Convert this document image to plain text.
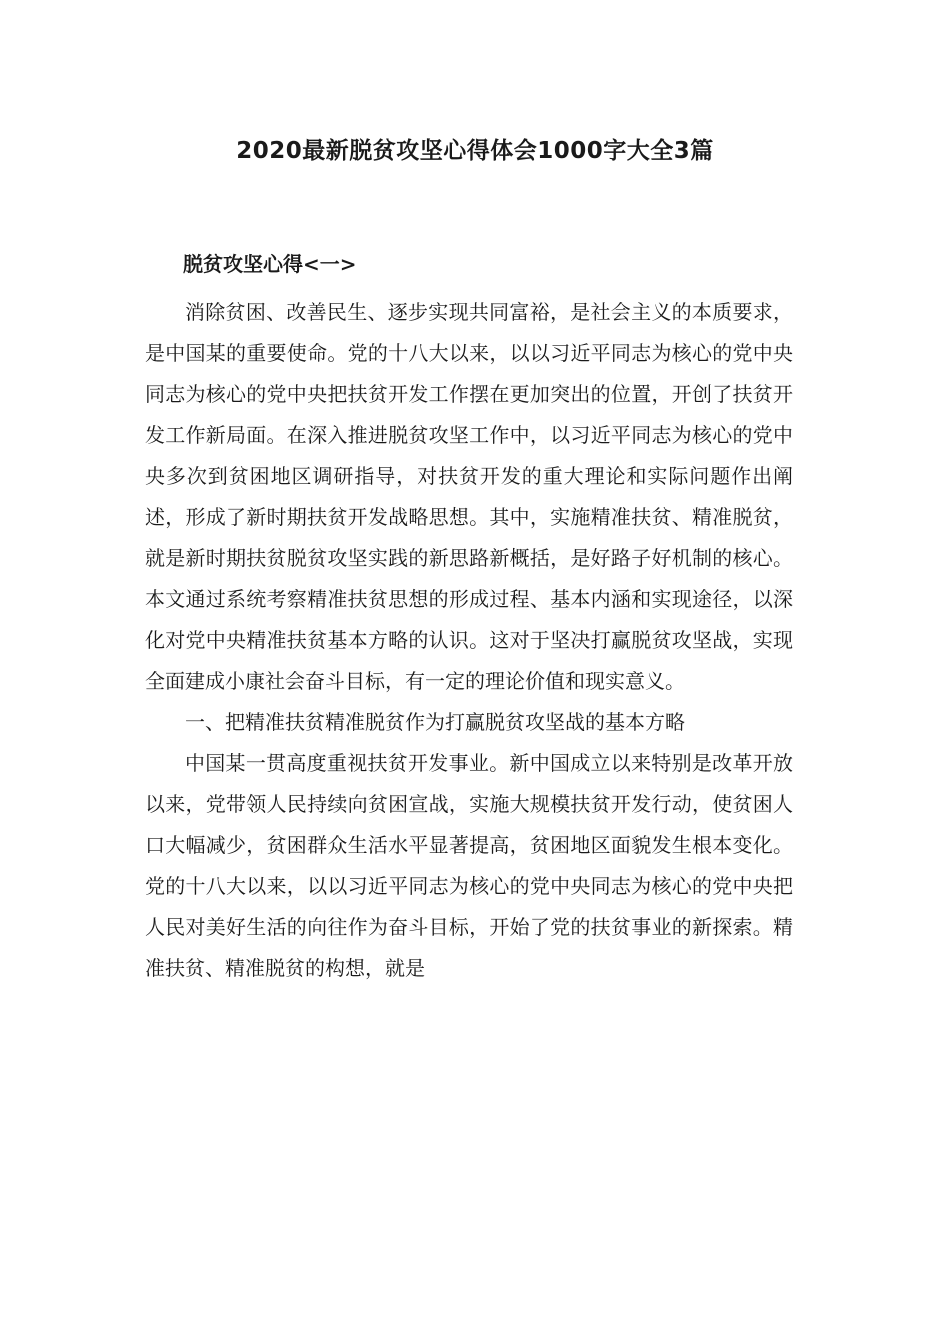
2020最新脱贫攻坚心得体会1000字大全3篇
脱贫攻坚心得<一>

消除贫困、改善民生、逐步实现共同富裕，是社会主义的本质要求，是中国某的重要使命。党的十八大以来，以以习近平同志为核心的党中央同志为核心的党中央把扶贫开发工作摆在更加突出的位置，开创了扶贫开发工作新局面。在深入推进脱贫攻坚工作中，以习近平同志为核心的党中央多次到贫困地区调研指导，对扶贫开发的重大理论和实际问题作出阐述，形成了新时期扶贫开发战略思想。其中，实施精准扶贫、精准脱贫，就是新时期扶贫脱贫攻坚实践的新思路新概括，是好路子好机制的核心。本文通过系统考察精准扶贫思想的形成过程、基本内涵和实现途径，以深化对党中央精准扶贫基本方略的认识。这对于坚决打赢脱贫攻坚战，实现全面建成小康社会奋斗目标，有一定的理论价值和现实意义。

一、把精准扶贫精准脱贫作为打赢脱贫攻坚战的基本方略

中国某一贯高度重视扶贫开发事业。新中国成立以来特别是改革开放以来，党带领人民持续向贫困宣战，实施大规模扶贫开发行动，使贫困人口大幅减少，贫困群众生活水平显著提高，贫困地区面貌发生根本变化。党的十八大以来，以以习近平同志为核心的党中央同志为核心的党中央把人民对美好生活的向往作为奋斗目标，开始了党的扶贫事业的新探索。精准扶贫、精准脱贫的构想，就是
